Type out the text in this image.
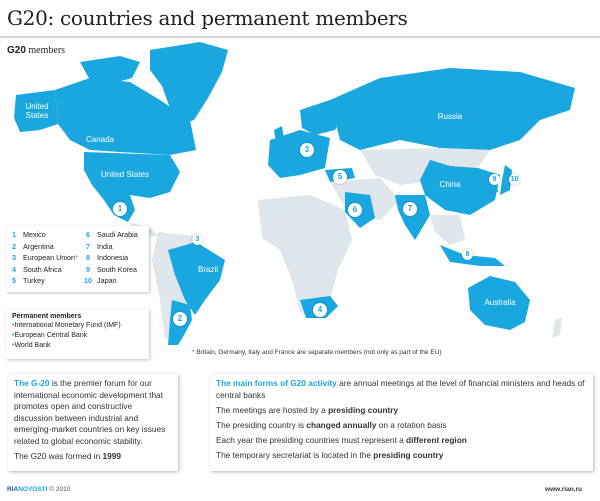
G20: countries and permanent members
G20 members
United States
Canada
United States
Russia
China
Brazil
Australia
1
2
3
3
4
5
6	7
8
9	10
1 Mexico	6 Saudi Arabia
2 Argentina	7 India
3 European Union*	8 Indonesia
4 South Africa	9 South Korea
5 Turkey	10 Japan
Permanent members
•International Monetary Fund (IMF)
•European Central Bank
•World Bank
* Britain, Germany, Italy and France are separate members (not only as part of the EU)

The G-20 is the premier forum for our international economic development that promotes open and constructive discussion between industrial and emerging-market countries on key issues related to global economic stability.

The G20 was formed in 1999

The main forms of G20 activity are annual meetings at the level of financial ministers and heads of central banks

The meetings are hosted by a presiding country

The presiding country is changed annually on a rotation basis

Each year the presiding countries must represent a different region

The temporary secretariat is located in the presiding country

RIANOVOSTI © 2010	www.rian.ru
